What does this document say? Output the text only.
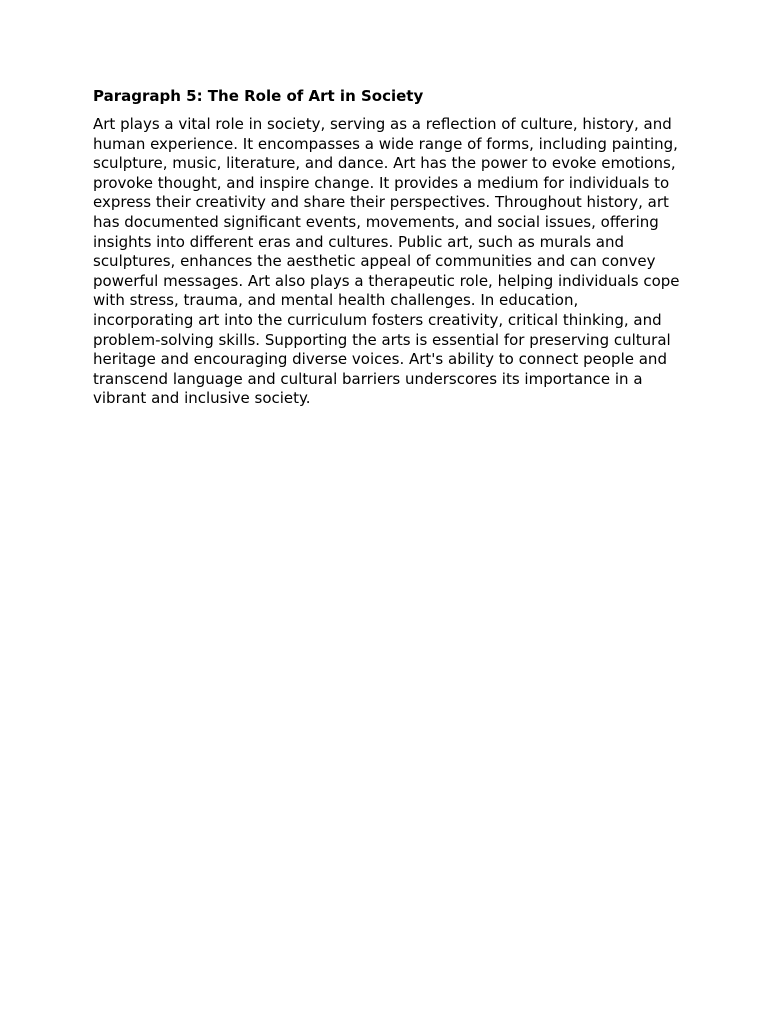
Paragraph 5: The Role of Art in Society

Art plays a vital role in society, serving as a reflection of culture, history, and human experience. It encompasses a wide range of forms, including painting, sculpture, music, literature, and dance. Art has the power to evoke emotions, provoke thought, and inspire change. It provides a medium for individuals to express their creativity and share their perspectives. Throughout history, art has documented significant events, movements, and social issues, offering insights into different eras and cultures. Public art, such as murals and sculptures, enhances the aesthetic appeal of communities and can convey powerful messages. Art also plays a therapeutic role, helping individuals cope with stress, trauma, and mental health challenges. In education, incorporating art into the curriculum fosters creativity, critical thinking, and problem-solving skills. Supporting the arts is essential for preserving cultural heritage and encouraging diverse voices. Art's ability to connect people and transcend language and cultural barriers underscores its importance in a vibrant and inclusive society.
